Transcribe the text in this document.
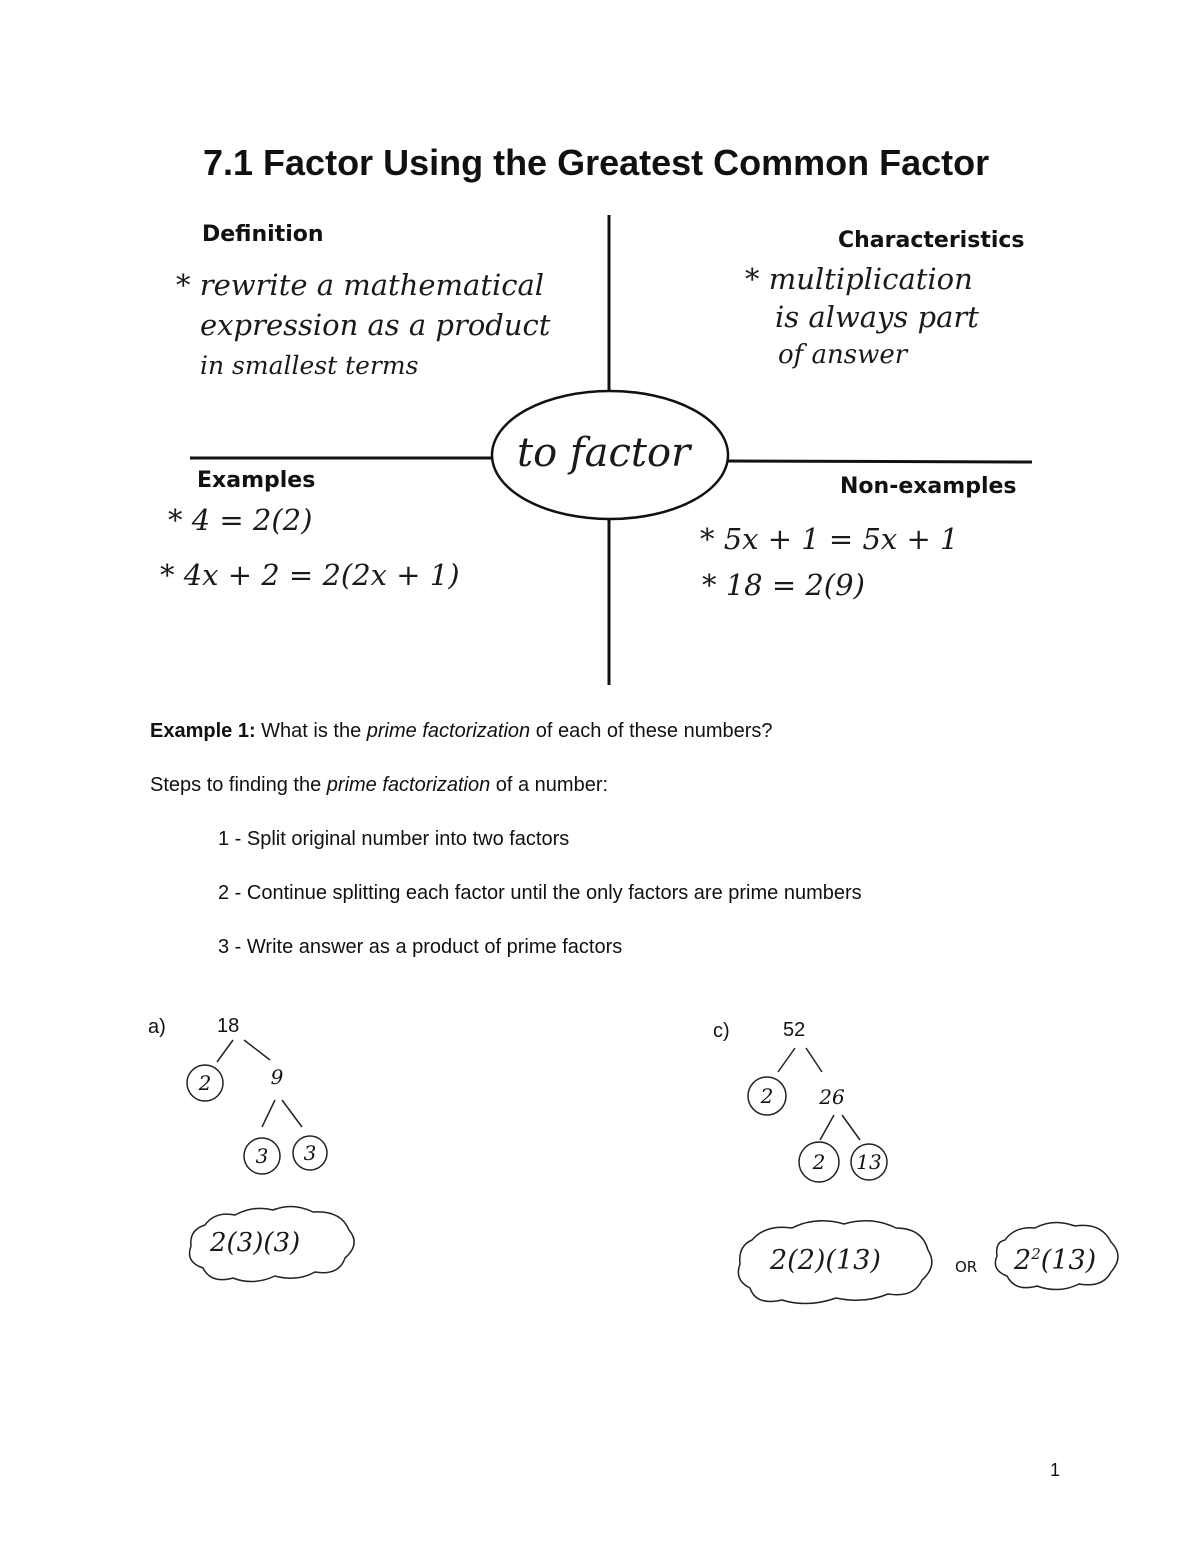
7.1 Factor Using the Greatest Common Factor
to factor
Definition
* rewrite a mathematical
expression as a product
in smallest terms
Characteristics
* multiplication
is always part
of answer
Examples
* 4 = 2(2)
* 4x + 2 = 2(2x + 1)
Non-examples
* 5x + 1 = 5x + 1
* 18 = 2(9)
Example 1: What is the prime factorization of each of these numbers?
Steps to finding the prime factorization of a number:
1 - Split original number into two factors
2 - Continue splitting each factor until the only factors are prime numbers
3 - Write answer as a product of prime factors
a)	18
2	9
3	3
2(3)(3)
c)	52
2	26
2	13
2(2)(13)	OR $2^2(13)$
1
